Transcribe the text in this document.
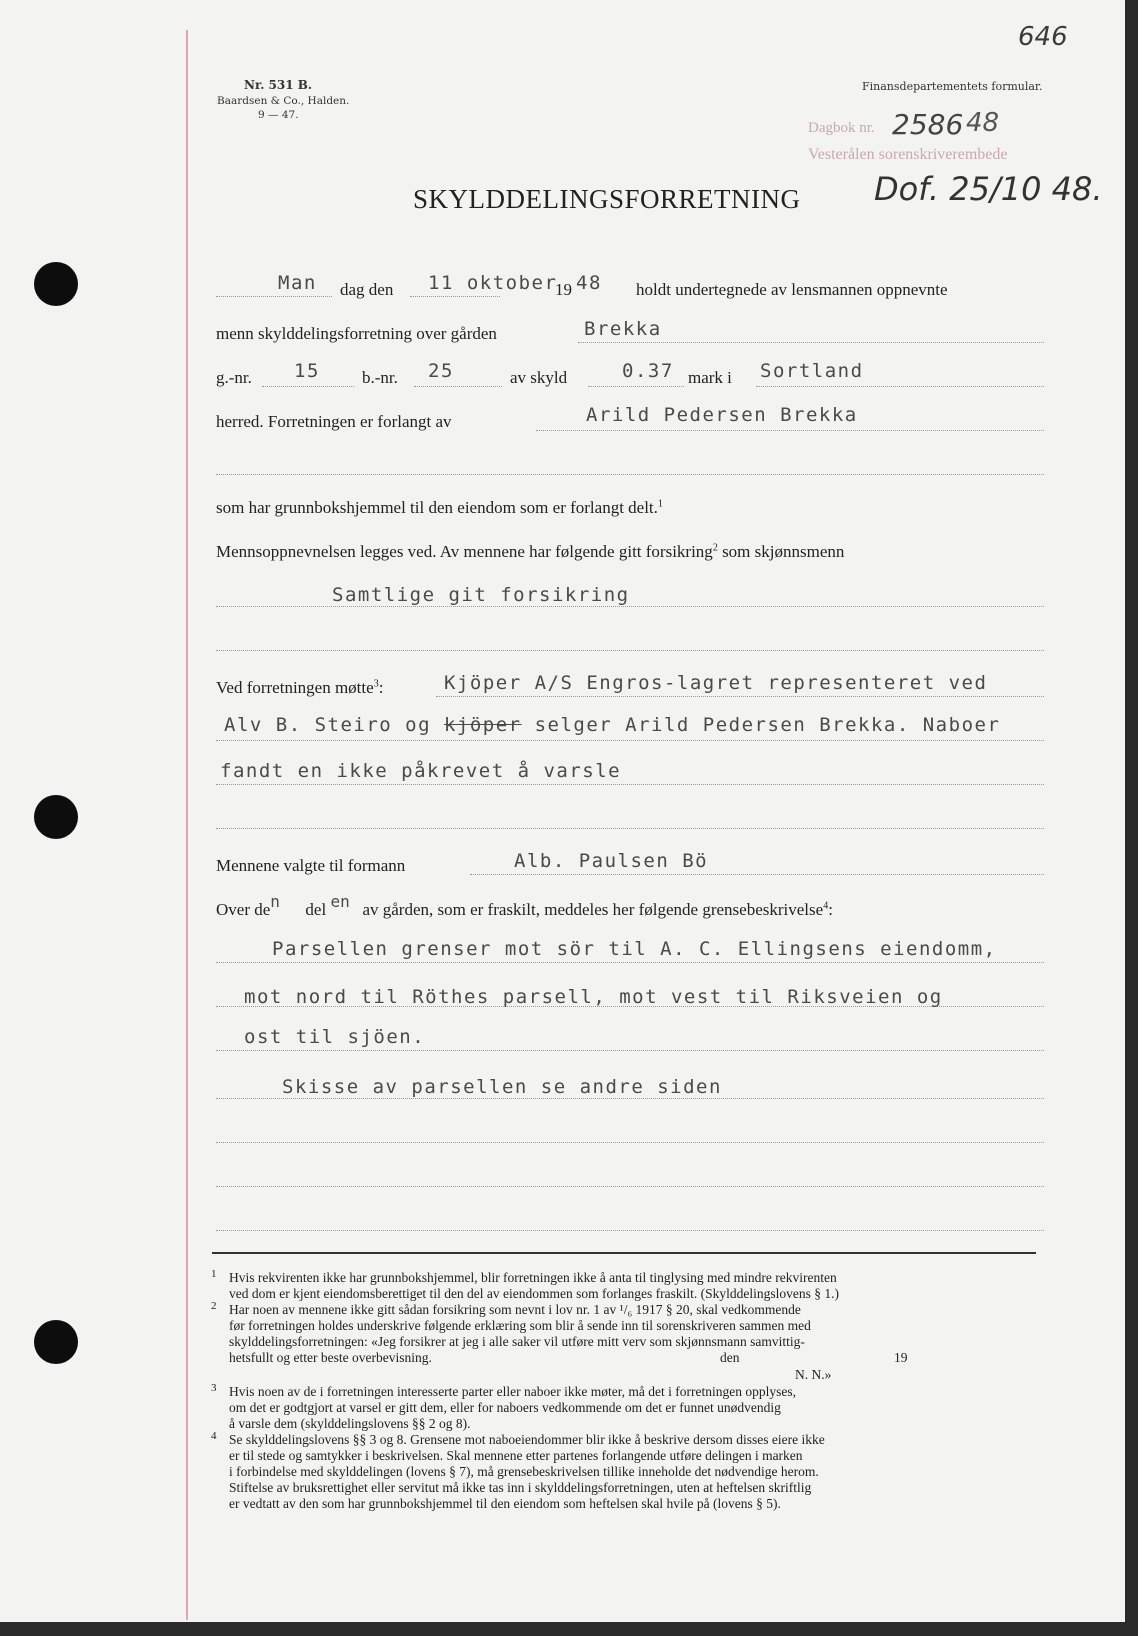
646
Nr. 531 B.
Baardsen & Co., Halden.
9 — 47.
Finansdepartementets formular.
Dagbok nr. 2586 48
Vesterålen sorenskriverembede
Dof. 25/10 48.
SKYLDDELINGSFORRETNING
Man dag den 11 oktober
19 48 holdt undertegnede av lensmannen oppnevnte
menn skylddelingsforretning over gården	Brekka
g.-nr. 15 b.-nr. 25	av skyld	0.37 mark i Sortland
herred. Forretningen er forlangt av	Arild Pedersen Brekka
som har grunnbokshjemmel til den eiendom som er forlangt delt.$^1$
Mennsoppnevnelsen legges ved. Av mennene har følgende gitt forsikring$^2$ som skjønnsmenn
Samtlige git forsikring
Ved forretningen møtte$^3$:	Kjöper A/S Engros-lagret representeret ved
Alv B. Steiro og kjöper selger Arild Pedersen Brekka. Naboer
fandt en ikke påkrevet å varsle
Mennene valgte til formann	Alb. Paulsen Bö
Over den del en av gården, som er fraskilt, meddeles her følgende grensebeskrivelse$^4$:
Parsellen grenser mot sör til A. C. Ellingsens eiendomm,
mot nord til Röthes parsell, mot vest til Riksveien og
ost til sjöen.
Skisse av parsellen se andre siden
1 Hvis rekvirenten ikke har grunnbokshjemmel, blir forretningen ikke å anta til tinglysing med mindre rekvirenten
ved dom er kjent eiendomsberettiget til den del av eiendommen som forlanges fraskilt. (Skylddelingslovens § 1.)
2 Har noen av mennene ikke gitt sådan forsikring som nevnt i lov nr. 1 av ¹/₆ 1917 § 20, skal vedkommende
før forretningen holdes underskrive følgende erklæring som blir å sende inn til sorenskriveren sammen med
skylddelingsforretningen: «Jeg forsikrer at jeg i alle saker vil utføre mitt verv som skjønnsmann samvittig-
hetsfullt og etter beste overbevisning.	den	19
N. N.»
3 Hvis noen av de i forretningen interesserte parter eller naboer ikke møter, må det i forretningen opplyses,
om det er godtgjort at varsel er gitt dem, eller for naboers vedkommende om det er funnet unødvendig
å varsle dem (skylddelingslovens §§ 2 og 8).
4 Se skylddelingslovens §§ 3 og 8. Grensene mot naboeiendommer blir ikke å beskrive dersom disses eiere ikke
er til stede og samtykker i beskrivelsen. Skal mennene etter partenes forlangende utføre delingen i marken
i forbindelse med skylddelingen (lovens § 7), må grensebeskrivelsen tillike inneholde det nødvendige herom.
Stiftelse av bruksrettighet eller servitut må ikke tas inn i skylddelingsforretningen, uten at heftelsen skriftlig
er vedtatt av den som har grunnbokshjemmel til den eiendom som heftelsen skal hvile på (lovens § 5).
